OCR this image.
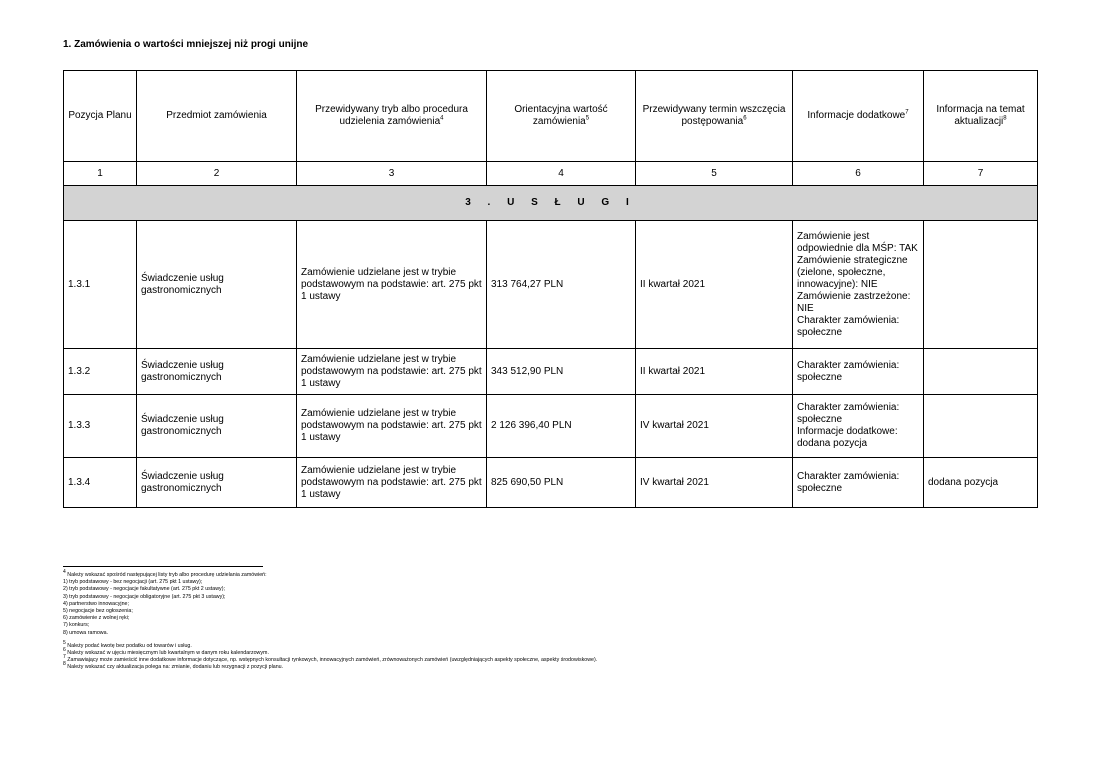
1. Zamówienia o wartości mniejszej niż progi unijne
Pozycja Planu	Przedmiot zamówienia	Przewidywany tryb albo procedura udzielenia zamówienia$^4$	Orientacyjna wartość zamówienia$^5$	Przewidywany termin wszczęcia postępowania$^6$	Informacje dodatkowe$^7$	Informacja na temat aktualizacji$^8$
1	2	3	4	5	6	7
3 . U S Ł U G I						
1.3.1	Świadczenie usług gastronomicznych	Zamówienie udzielane jest w trybie podstawowym na podstawie: art. 275 pkt 1 ustawy	313 764,27 PLN	II kwartał 2021	Zamówienie jest odpowiednie dla MŚP: TAK
Zamówienie strategiczne (zielone, społeczne, innowacyjne): NIE
Zamówienie zastrzeżone: NIE
Charakter zamówienia: społeczne	

1.3.2	Świadczenie usług gastronomicznych	Zamówienie udzielane jest w trybie podstawowym na podstawie: art. 275 pkt 1 ustawy	343 512,90 PLN	II kwartał 2021	Charakter zamówienia: społeczne	

1.3.3	Świadczenie usług gastronomicznych	Zamówienie udzielane jest w trybie podstawowym na podstawie: art. 275 pkt 1 ustawy	2 126 396,40 PLN	IV kwartał 2021	Charakter zamówienia: społeczne
Informacje dodatkowe: dodana pozycja	

1.3.4	Świadczenie usług gastronomicznych	Zamówienie udzielane jest w trybie podstawowym na podstawie: art. 275 pkt 1 ustawy	825 690,50 PLN	IV kwartał 2021	Charakter zamówienia: społeczne	dodana pozycja
$^4$ Należy wskazać spośród następującej listy tryb albo procedurę udzielania zamówień:
1) tryb podstawowy - bez negocjacji (art. 275 pkt 1 ustawy);
2) tryb podstawowy - negocjacje fakultatywne (art. 275 pkt 2 ustawy);
3) tryb podstawowy - negocjacje obligatoryjne (art. 275 pkt 3 ustawy);
4) partnerstwo innowacyjne;
5) negocjacje bez ogłoszenia;
6) zamówienie z wolnej ręki;
7) konkurs;
8) umowa ramowa.
$^5$ Należy podać kwotę bez podatku od towarów i usług.
$^6$ Należy wskazać w ujęciu miesięcznym lub kwartalnym w danym roku kalendarzowym.
$^7$ Zamawiający może zamieścić inne dodatkowe informacje dotyczące, np. wstępnych konsultacji rynkowych, innowacyjnych zamówień, zrównoważonych zamówień (uwzględniających aspekty społeczne, aspekty środowiskowe).
$^8$ Należy wskazać czy aktualizacja polega na: zmianie, dodaniu lub rezygnacji z pozycji planu.
